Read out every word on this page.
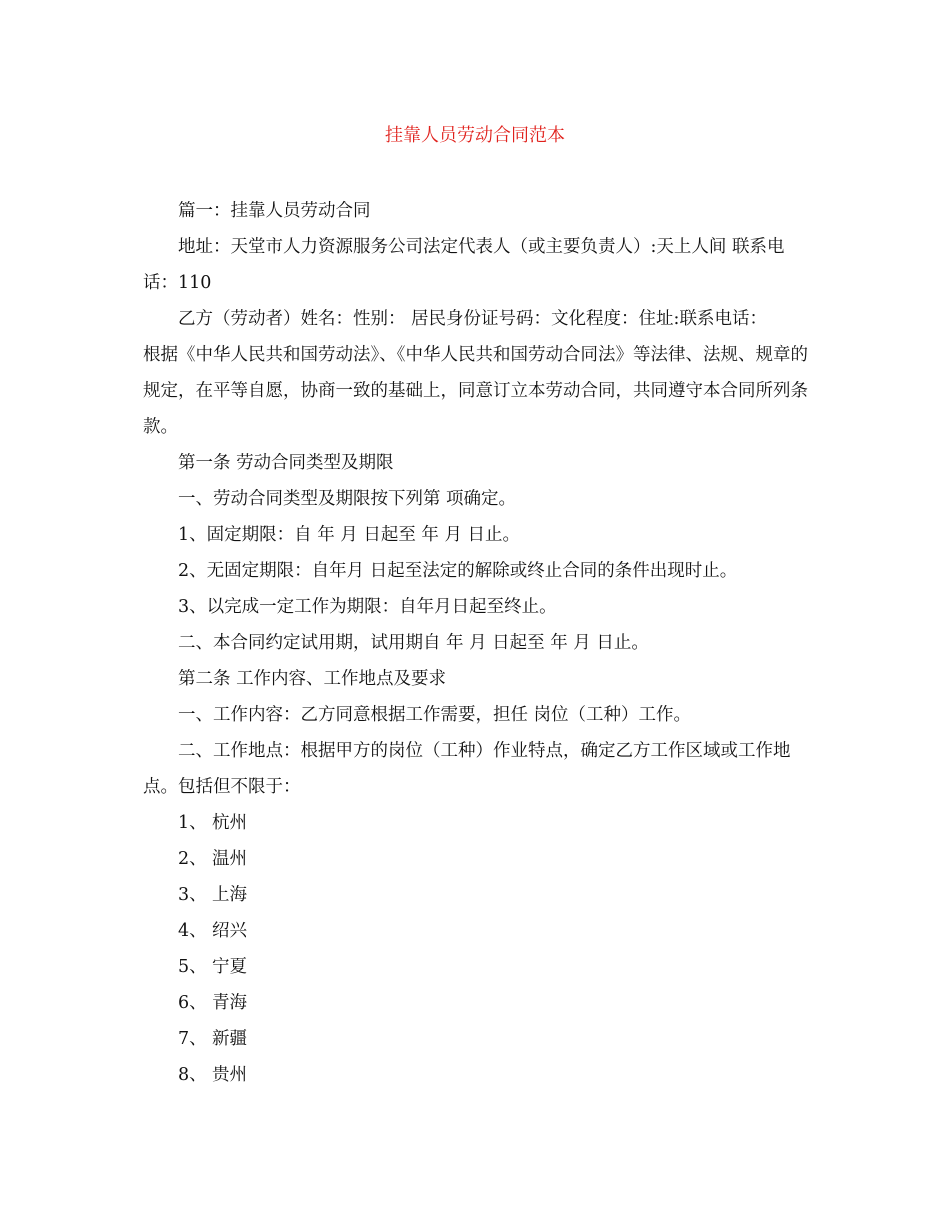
挂靠人员劳动合同范本

篇一：挂靠人员劳动合同

地址：天堂市人力资源服务公司法定代表人（或主要负责人）:天上人间 联系电话：110

乙方（劳动者）姓名：性别： 居民身份证号码：文化程度：住址:联系电话：

根据《中华人民共和国劳动法》、《中华人民共和国劳动合同法》等法律、法规、规章的规定，在平等自愿，协商一致的基础上，同意订立本劳动合同，共同遵守本合同所列条款。

第一条 劳动合同类型及期限

一、劳动合同类型及期限按下列第 项确定。

1、固定期限：自 年 月 日起至 年 月 日止。

2、无固定期限：自年月 日起至法定的解除或终止合同的条件出现时止。

3、以完成一定工作为期限：自年月日起至终止。

二、本合同约定试用期，试用期自 年 月 日起至 年 月 日止。

第二条 工作内容、工作地点及要求

一、工作内容：乙方同意根据工作需要，担任 岗位（工种）工作。

二、工作地点：根据甲方的岗位（工种）作业特点，确定乙方工作区域或工作地点。包括但不限于：

1、 杭州
2、 温州
3、 上海
4、 绍兴
5、 宁夏
6、 青海
7、 新疆
8、 贵州
